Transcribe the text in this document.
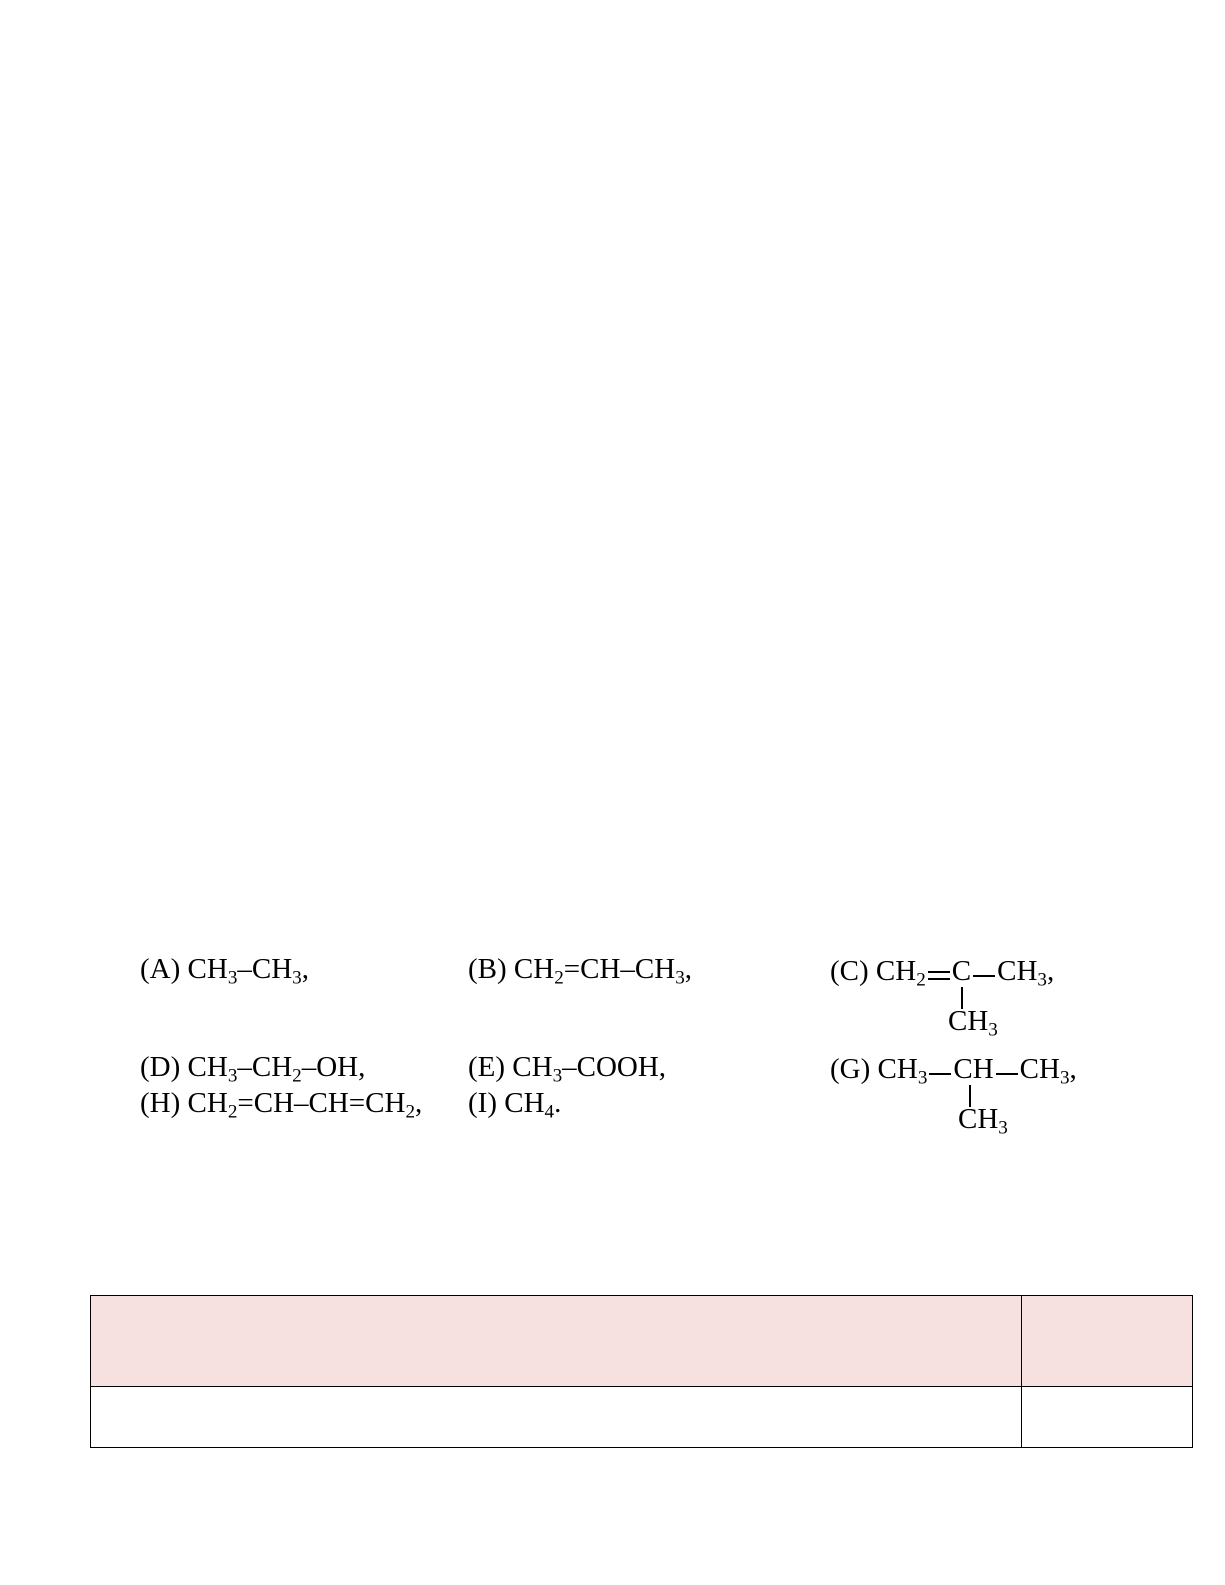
(A) $CH_3-CH_3$,	(B) $CH_2=CH-CH_3$,	(C) $CH_2$ C $CH_3$,
$CH_3$
(D) $CH_3-CH_2-OH$,	(E) $CH_3$–COOH,	(G) $CH_3$ CH $CH_3$,
$CH_3$
(H) $CH_2=CH-CH=CH_2$, (I) $CH_4$.
